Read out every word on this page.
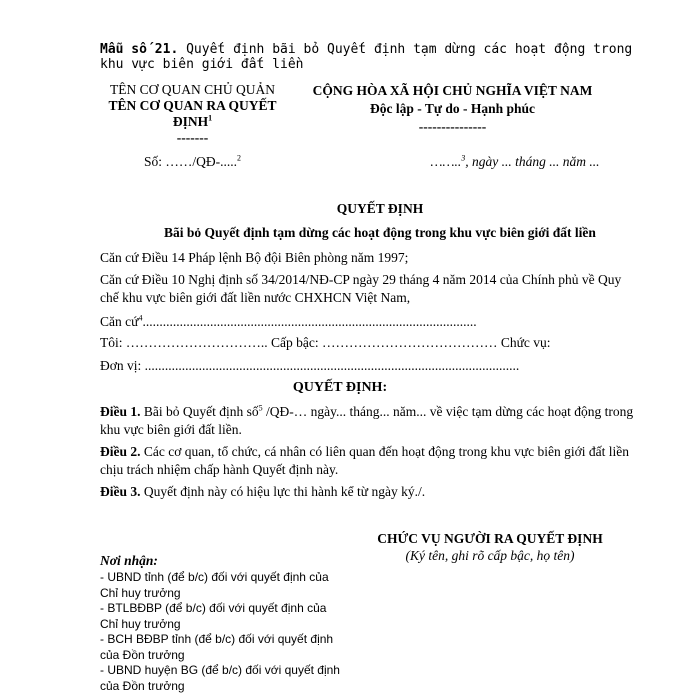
Mẫu số 21. Quyết định bãi bỏ Quyết định tạm dừng các hoạt động trong khu vực biên giới đất liền
TÊN CƠ QUAN CHỦ QUẢN
TÊN CƠ QUAN RA QUYẾT ĐỊNH$^1$
-------
CỘNG HÒA XÃ HỘI CHỦ NGHĨA VIỆT NAM
Độc lập - Tự do - Hạnh phúc
---------------
Số: ……/QĐ-.....$^2$	……..$^3$, ngày ... tháng ... năm ...
QUYẾT ĐỊNH
Bãi bỏ Quyết định tạm dừng các hoạt động trong khu vực biên giới đất liền
Căn cứ Điều 14 Pháp lệnh Bộ đội Biên phòng năm 1997;
Căn cứ Điều 10 Nghị định số 34/2014/NĐ-CP ngày 29 tháng 4 năm 2014 của Chính phủ về Quy chế khu vực biên giới đất liền nước CHXHCN Việt Nam,
Căn cứ$^4$...................................................................................................
Tôi: ………………………….. Cấp bậc: ………………………………… Chức vụ:
Đơn vị: ...............................................................................................................
QUYẾT ĐỊNH:
Điều 1. Bãi bỏ Quyết định số$^5$ /QĐ-… ngày... tháng... năm... về việc tạm dừng các hoạt động trong khu vực biên giới đất liền.
Điều 2. Các cơ quan, tổ chức, cá nhân có liên quan đến hoạt động trong khu vực biên giới đất liền chịu trách nhiệm chấp hành Quyết định này.
Điều 3. Quyết định này có hiệu lực thi hành kể từ ngày ký./.
CHỨC VỤ NGƯỜI RA QUYẾT ĐỊNH
(Ký tên, ghi rõ cấp bậc, họ tên)
Nơi nhận:
- UBND tỉnh (để b/c) đối với quyết định của Chỉ huy trưởng
- BTLBĐBP (để b/c) đối với quyết định của Chỉ huy trưởng
- BCH BĐBP tỉnh (để b/c) đối với quyết định của Đồn trưởng
- UBND huyện BG (để b/c) đối với quyết định của Đồn trưởng
